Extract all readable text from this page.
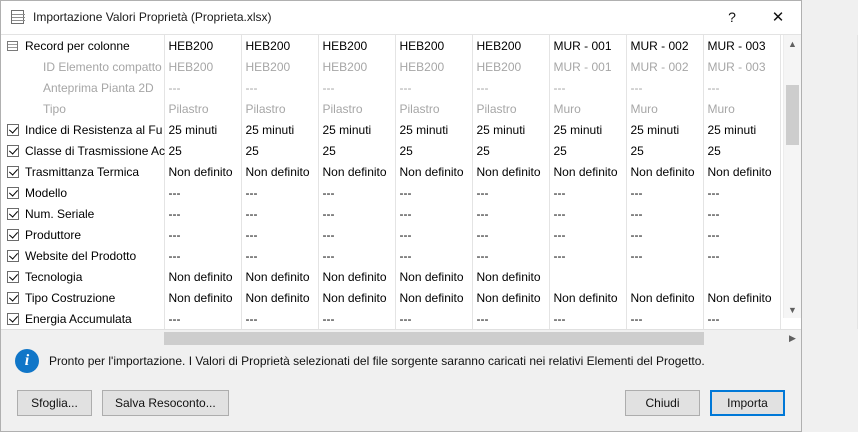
Importazione Valori Proprietà (Proprieta.xlsx)	?	✕
Record per colonne	HEB200	HEB200	HEB200	HEB200	HEB200	MUR - 001	MUR - 002	MUR - 003	

ID Elemento compatto	HEB200	HEB200	HEB200	HEB200	HEB200	MUR - 001	MUR - 002	MUR - 003	

Anteprima Pianta 2D	---	---	---	---	---	---	---	---	

Tipo	Pilastro	Pilastro	Pilastro	Pilastro	Pilastro	Muro	Muro	Muro	

Indice di Resistenza al Fu	25 minuti	25 minuti	25 minuti	25 minuti	25 minuti	25 minuti	25 minuti	25 minuti	

Classe di Trasmissione Ac	25	25	25	25	25	25	25	25	

Trasmittanza Termica	Non definito	Non definito	Non definito	Non definito	Non definito	Non definito	Non definito	Non definito	

Modello	---	---	---	---	---	---	---	---	

Num. Seriale	---	---	---	---	---	---	---	---	

Produttore	---	---	---	---	---	---	---	---	

Website del Prodotto	---	---	---	---	---	---	---	---	

Tecnologia	Non definito	Non definito	Non definito	Non definito	Non definito				

Tipo Costruzione	Non definito	Non definito	Non definito	Non definito	Non definito	Non definito	Non definito	Non definito	

Energia Accumulata	---	---	---	---	---	---	---	---	

▲
▼
▶
i	Pronto per l'importazione. I Valori di Proprietà selezionati del file sorgente saranno caricati nei relativi Elementi del Progetto.
Sfoglia...	Salva Resoconto...	Chiudi	Importa
